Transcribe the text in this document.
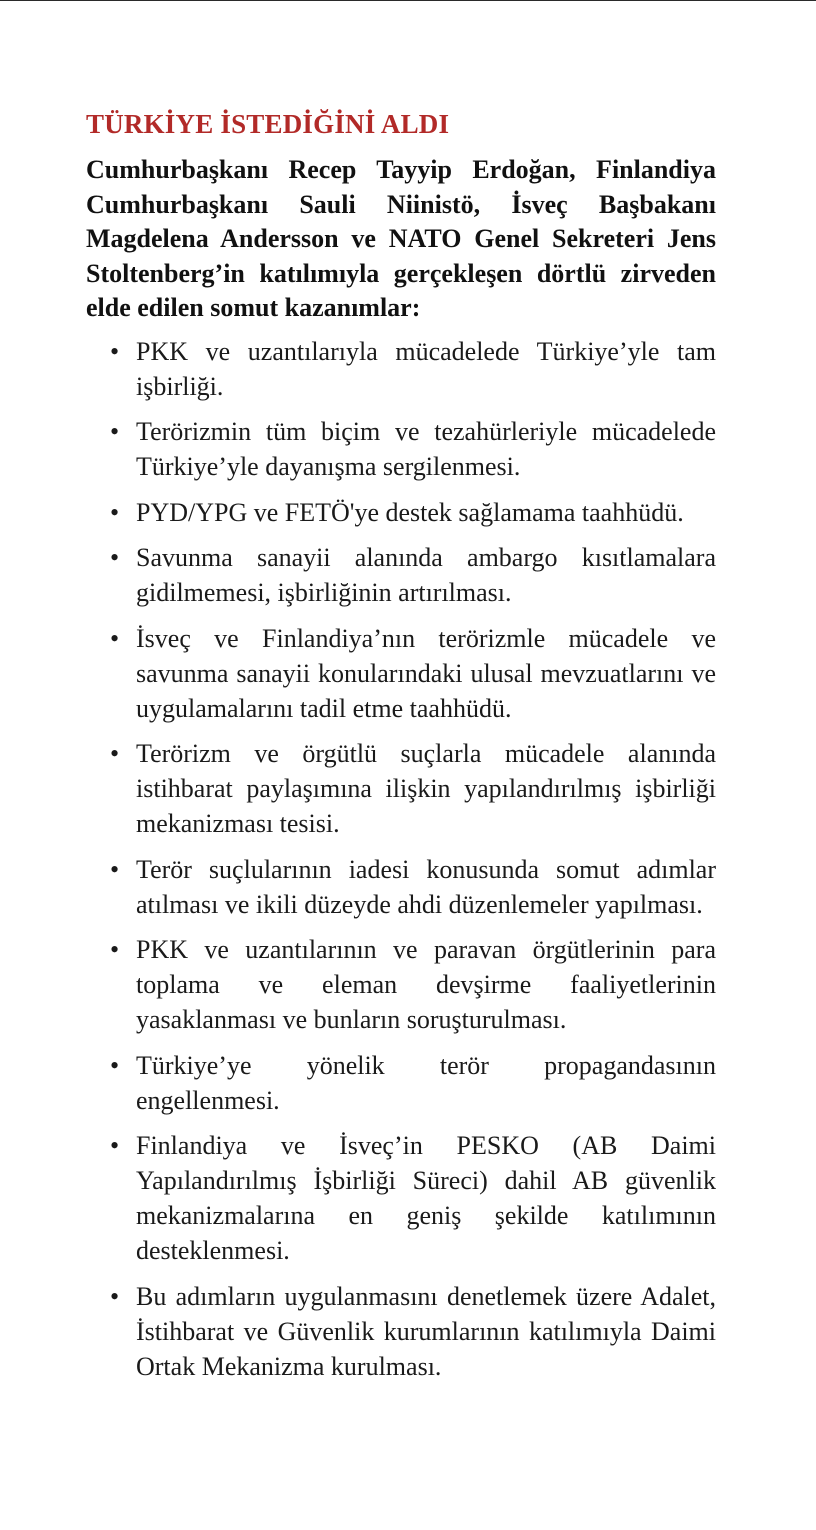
TÜRKİYE İSTEDİĞİNİ ALDI

Cumhurbaşkanı Recep Tayyip Erdoğan, Finlandiya Cumhurbaşkanı Sauli Niinistö, İsveç Başbakanı Magdelena Andersson ve NATO Genel Sekreteri Jens Stoltenberg’in katılımıyla gerçekleşen dörtlü zirveden elde edilen somut kazanımlar:

• PKK ve uzantılarıyla mücadelede Türkiye’yle tam işbirliği.
• Terörizmin tüm biçim ve tezahürleriyle mücadelede Türkiye’yle dayanışma sergilenmesi.
• PYD/YPG ve FETÖ'ye destek sağlamama taahhüdü.
• Savunma sanayii alanında ambargo kısıtlamalara gidilmemesi, işbirliğinin artırılması.
• İsveç ve Finlandiya’nın terörizmle mücadele ve savunma sanayii konularındaki ulusal mevzuatlarını ve uygulamalarını tadil etme taahhüdü.
• Terörizm ve örgütlü suçlarla mücadele alanında istihbarat paylaşımına ilişkin yapılandırılmış işbirliği mekanizması tesisi.
• Terör suçlularının iadesi konusunda somut adımlar atılması ve ikili düzeyde ahdi düzenlemeler yapılması.
• PKK ve uzantılarının ve paravan örgütlerinin para toplama ve eleman devşirme faaliyetlerinin yasaklanması ve bunların soruşturulması.
• Türkiye’ye yönelik terör propagandasının engellenmesi.
• Finlandiya ve İsveç’in PESKO (AB Daimi Yapılandırılmış İşbirliği Süreci) dahil AB güvenlik mekanizmalarına en geniş şekilde katılımının desteklenmesi.
• Bu adımların uygulanmasını denetlemek üzere Adalet, İstihbarat ve Güvenlik kurumlarının katılımıyla Daimi Ortak Mekanizma kurulması.
